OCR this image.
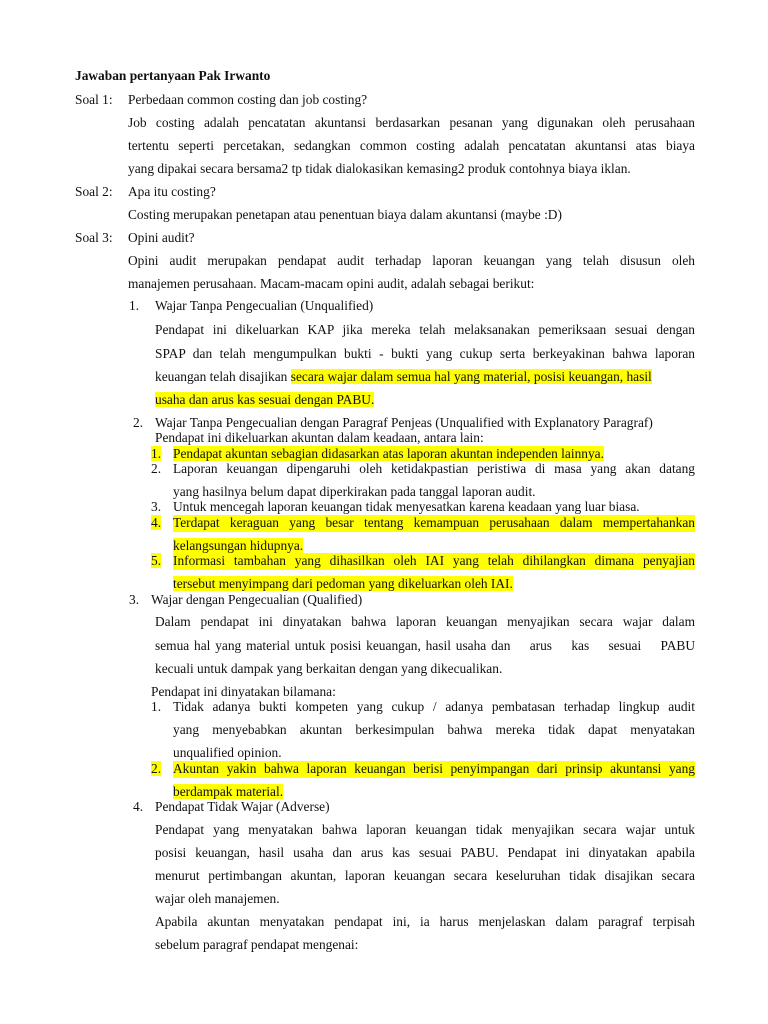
Jawaban pertanyaan Pak Irwanto
Soal 1: Perbedaan common costing dan job costing?
Job costing adalah pencatatan akuntansi berdasarkan pesanan yang digunakan oleh perusahaan
tertentu seperti percetakan, sedangkan common costing adalah pencatatan akuntansi atas biaya
yang dipakai secara bersama2 tp tidak dialokasikan kemasing2 produk contohnya biaya iklan.
Soal 2: Apa itu costing?
Costing merupakan penetapan atau penentuan biaya dalam akuntansi (maybe :D)
Soal 3: Opini audit?
Opini audit merupakan pendapat audit terhadap laporan keuangan yang telah disusun oleh
manajemen perusahaan. Macam-macam opini audit, adalah sebagai berikut:
1. Wajar Tanpa Pengecualian (Unqualified)
Pendapat ini dikeluarkan KAP jika mereka telah melaksanakan pemeriksaan sesuai dengan
SPAP dan telah mengumpulkan bukti - bukti yang cukup serta berkeyakinan bahwa laporan
keuangan telah disajikan secara wajar dalam semua hal yang material, posisi keuangan, hasil
usaha dan arus kas sesuai dengan PABU.
2. Wajar Tanpa Pengecualian dengan Paragraf Penjeas (Unqualified with Explanatory Paragraf)
Pendapat ini dikeluarkan akuntan dalam keadaan, antara lain:
1. Pendapat akuntan sebagian didasarkan atas laporan akuntan independen lainnya.
2. Laporan keuangan dipengaruhi oleh ketidakpastian peristiwa di masa yang akan datang
yang hasilnya belum dapat diperkirakan pada tanggal laporan audit.
3. Untuk mencegah laporan keuangan tidak menyesatkan karena keadaan yang luar biasa.
4. Terdapat keraguan yang besar tentang kemampuan perusahaan dalam mempertahankan
kelangsungan hidupnya.
5. Informasi tambahan yang dihasilkan oleh IAI yang telah dihilangkan dimana penyajian
tersebut menyimpang dari pedoman yang dikeluarkan oleh IAI.
3. Wajar dengan Pengecualian (Qualified)
Dalam pendapat ini dinyatakan bahwa laporan keuangan menyajikan secara wajar dalam
semua hal yang material untuk posisi keuangan, hasil usaha dan    arus    kas    sesuai    PABU
kecuali untuk dampak yang berkaitan dengan yang dikecualikan.
Pendapat ini dinyatakan bilamana:
1. Tidak adanya bukti kompeten yang cukup / adanya pembatasan terhadap lingkup audit
yang menyebabkan akuntan berkesimpulan bahwa mereka tidak dapat menyatakan
unqualified opinion.
2. Akuntan yakin bahwa laporan keuangan berisi penyimpangan dari prinsip akuntansi yang
berdampak material.
4. Pendapat Tidak Wajar (Adverse)
Pendapat yang menyatakan bahwa laporan keuangan tidak menyajikan secara wajar untuk
posisi keuangan, hasil usaha dan arus kas sesuai PABU. Pendapat ini dinyatakan apabila
menurut pertimbangan akuntan, laporan keuangan secara keseluruhan tidak disajikan secara
wajar oleh manajemen.
Apabila akuntan menyatakan pendapat ini, ia harus menjelaskan dalam paragraf terpisah
sebelum paragraf pendapat mengenai:
